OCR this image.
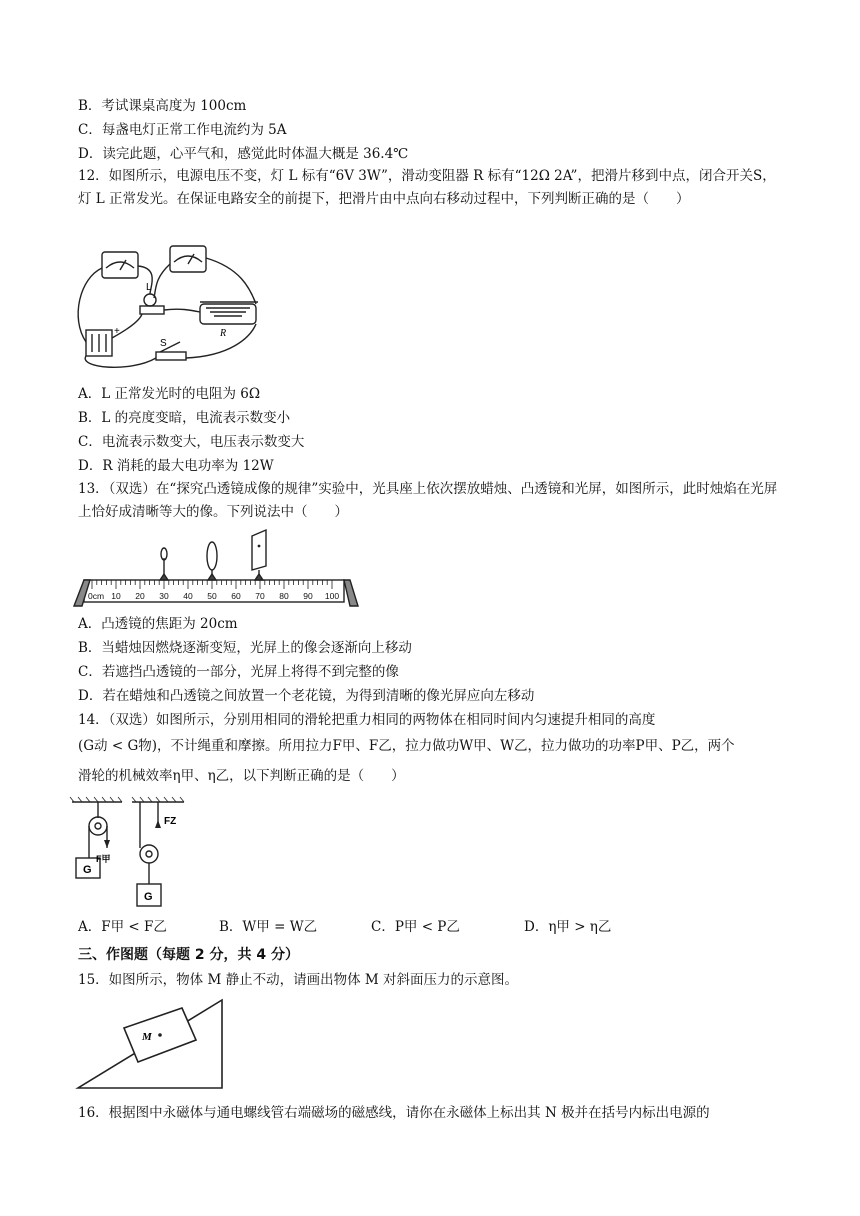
B．考试课桌高度为 100cm
C．每盏电灯正常工作电流约为 5A
D．读完此题，心平气和，感觉此时体温大概是 36.4℃
12．如图所示，电源电压不变，灯 L 标有“6V 3W”，滑动变阻器 R 标有“12Ω 2A”，把滑片移到中点，闭合开关S，灯 L 正常发光。在保证电路安全的前提下，把滑片由中点向右移动过程中，下列判断正确的是（　　）
L
R
S
+
A．L 正常发光时的电阻为 6Ω
B．L 的亮度变暗，电流表示数变小
C．电流表示数变大，电压表示数变大
D．R 消耗的最大电功率为 12W
13．（双选）在“探究凸透镜成像的规律”实验中，光具座上依次摆放蜡烛、凸透镜和光屏，如图所示，此时烛焰在光屏上恰好成清晰等大的像。下列说法中（　　）
0cm 10 20 30 40 50 60 70 80 90 100
A．凸透镜的焦距为 20cm
B．当蜡烛因燃烧逐渐变短，光屏上的像会逐渐向上移动
C．若遮挡凸透镜的一部分，光屏上将得不到完整的像
D．若在蜡烛和凸透镜之间放置一个老花镜，为得到清晰的像光屏应向左移动
14．（双选）如图所示，分别用相同的滑轮把重力相同的两物体在相同时间内匀速提升相同的高度
(G动 < G物)，不计绳重和摩擦。所用拉力F甲、F乙，拉力做功W甲、W乙，拉力做功的功率P甲、P乙，两个
滑轮的机械效率η甲、η乙，以下判断正确的是（　　）
G
G
F甲
FZ
A．F甲 < F乙	B．W甲 = W乙	C．P甲 < P乙	D．η甲 > η乙
三、作图题（每题 2 分，共 4 分）
15．如图所示，物体 M 静止不动，请画出物体 M 对斜面压力的示意图。
M
16．根据图中永磁体与通电螺线管右端磁场的磁感线，请你在永磁体上标出其 N 极并在括号内标出电源的
